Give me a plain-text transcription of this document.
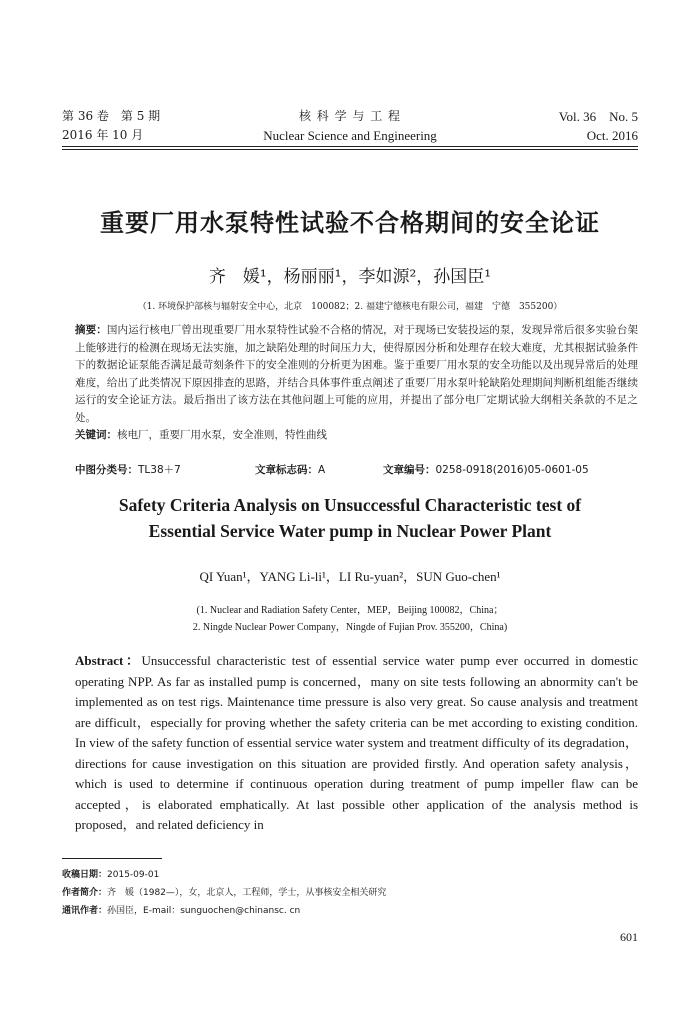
第 36 卷　第 5 期
2016 年 10 月
核 科 学 与 工 程
Nuclear Science and Engineering
Vol. 36　No. 5
Oct. 2016
重要厂用水泵特性试验不合格期间的安全论证
齐　媛¹，杨丽丽¹，李如源²，孙国臣¹
（1. 环境保护部核与辐射安全中心，北京　100082；2. 福建宁德核电有限公司，福建　宁德　355200）
摘要：国内运行核电厂曾出现重要厂用水泵特性试验不合格的情况，对于现场已安装投运的泵，发现异常后很多实验台架上能够进行的检测在现场无法实施，加之缺陷处理的时间压力大，使得原因分析和处理存在较大难度，尤其根据试验条件下的数据论证泵能否满足最苛刻条件下的安全准则的分析更为困难。鉴于重要厂用水泵的安全功能以及出现异常后的处理难度，给出了此类情况下原因排查的思路，并结合具体事件重点阐述了重要厂用水泵叶轮缺陷处理期间判断机组能否继续运行的安全论证方法。最后指出了该方法在其他问题上可能的应用，并提出了部分电厂定期试验大纲相关条款的不足之处。
关键词：核电厂，重要厂用水泵，安全准则，特性曲线
中图分类号：TL38＋7	文章标志码：A	文章编号：0258-0918(2016)05-0601-05
Safety Criteria Analysis on Unsuccessful Characteristic test of
Essential Service Water pump in Nuclear Power Plant
QI Yuan¹，YANG Li-li¹，LI Ru-yuan²，SUN Guo-chen¹
(1. Nuclear and Radiation Safety Center，MEP，Beijing 100082，China；
2. Ningde Nuclear Power Company，Ningde of Fujian Prov. 355200，China)
Abstract：Unsuccessful characteristic test of essential service water pump ever occurred in domestic operating NPP. As far as installed pump is concerned，many on site tests following an abnormity can't be implemented as on test rigs. Maintenance time pressure is also very great. So cause analysis and treatment are difficult，especially for proving whether the safety criteria can be met according to existing condition. In view of the safety function of essential service water system and treatment difficulty of its degradation，directions for cause investigation on this situation are provided firstly. And operation safety analysis，which is used to determine if continuous operation during treatment of pump impeller flaw can be accepted，is elaborated emphatically. At last possible other application of the analysis method is proposed，and related deficiency in
收稿日期：2015-09-01
作者简介：齐　媛（1982—），女，北京人，工程师，学士，从事核安全相关研究
通讯作者：孙国臣，E-mail：sunguochen@chinansc. cn
601
